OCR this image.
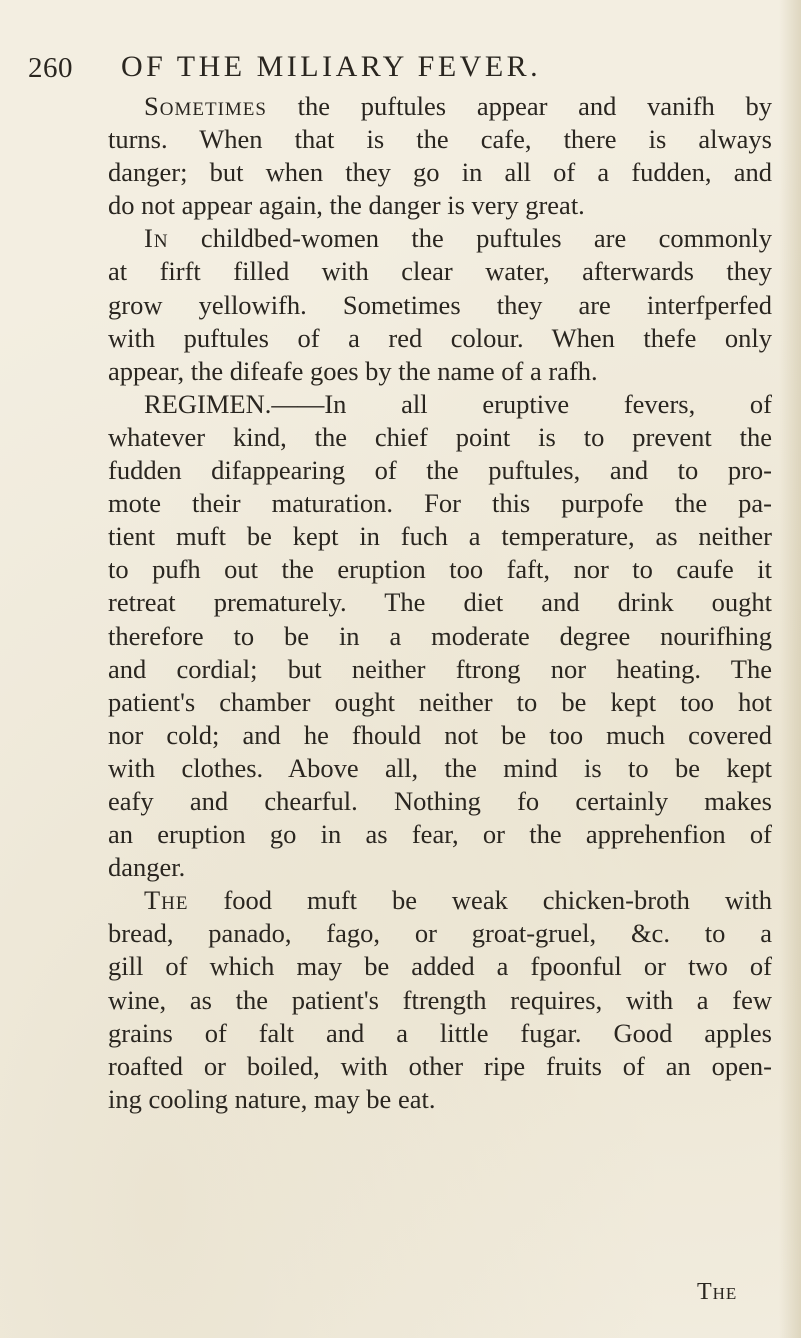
260 OF THE MILIARY FEVER.
Sometimes the puftules appear and vanifh by
turns. When that is the cafe, there is always
danger; but when they go in all of a fudden, and
do not appear again, the danger is very great.
In childbed-women the puftules are commonly
at firft filled with clear water, afterwards they
grow yellowifh. Sometimes they are interfperfed
with puftules of a red colour. When thefe only
appear, the difeafe goes by the name of a rafh.
REGIMEN.——In all eruptive fevers, of
whatever kind, the chief point is to prevent the
fudden difappearing of the puftules, and to pro-
mote their maturation. For this purpofe the pa-
tient muft be kept in fuch a temperature, as neither
to pufh out the eruption too faft, nor to caufe it
retreat prematurely. The diet and drink ought
therefore to be in a moderate degree nourifhing
and cordial; but neither ftrong nor heating. The
patient's chamber ought neither to be kept too hot
nor cold; and he fhould not be too much covered
with clothes. Above all, the mind is to be kept
eafy and chearful. Nothing fo certainly makes
an eruption go in as fear, or the apprehenfion of
danger.
The food muft be weak chicken-broth with
bread, panado, fago, or groat-gruel, &c. to a
gill of which may be added a fpoonful or two of
wine, as the patient's ftrength requires, with a few
grains of falt and a little fugar. Good apples
roafted or boiled, with other ripe fruits of an open-
ing cooling nature, may be eat.
The
